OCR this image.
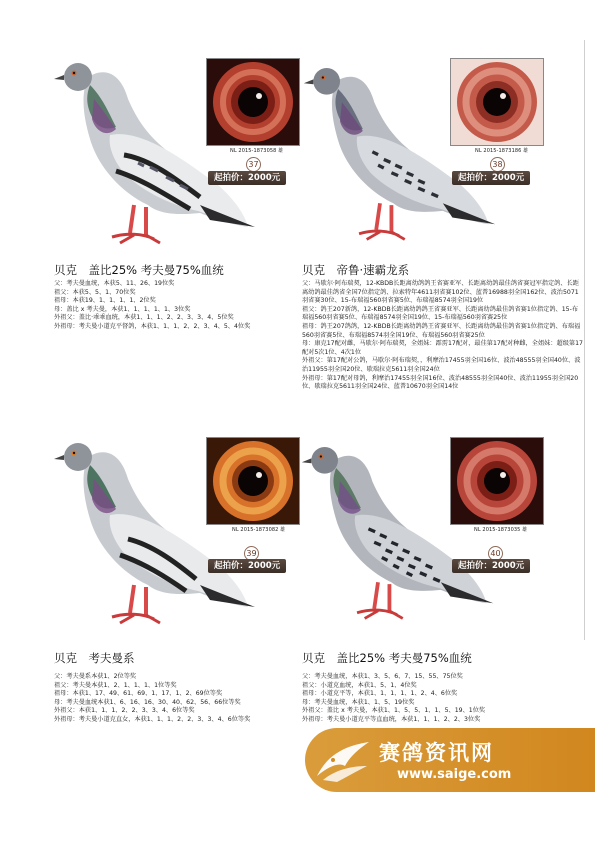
NL 2015-1873058 雄
37
起拍价：2000元
贝克　盖比25% 考夫曼75%血统

父：考夫曼血统，本获5、11、26、19位奖

祖父：本获5、5、1、70位奖

祖母：本获19、1、1、1、1、2位奖

母：盖比 x 考夫曼，本获1、1、1、1、1、3位奖

外祖父：盖比·乖乖血统，本获1、1、1、2、2、3、3、4、5位奖

外祖母：考夫曼小道克平督鸽，本获1、1、1、2、2、3、4、5、4位奖

NL 2015-1873186 雄
38
起拍价：2000元
贝克　帝鲁·速霸龙系

父：马歇尔·阿布瑞契，12-KBDB长距离幼鸽鸽王省赛亚军、长距离幼鸽最佳鸽省赛冠军指定鸽、长距离幼鸽最佳鸽省全国7位指定鸽、拉索特年4611羽省赛102位、蓝普16988羽全国162位、波治5071羽省赛30位、15-布瑞福560羽省赛5位、布瑞福8574羽全国19位

祖父：鸽王207新鸽，12-KBDB长距离幼鸽鸽王省赛亚军、长距离幼鸽最佳鸽省赛1位指定鸽、15-布瑞福560羽省赛5位、布瑞福8574羽全国19位、15-布瑞福560羽省赛25位

祖母：鸽王207鸽鸽，12-KBDB长距离幼鸽鸽王省赛亚军、长距离幼鸽最佳鸽省赛1位指定鸽、布瑞福560羽省赛5位、布瑞福8574羽全国19位、布瑞福560羽省赛25位

母：康克17配对雌，马歇尔·阿布瑞契，全姐妹：霹雳17配对，最佳第17配对种雌，全姐妹：超级第17配对5次1位、4次1位

外祖父：第17配对公鸽，马歇尔·阿布瑞契，，利摩治17455羽全国16位、波治48555羽全国40位、波治11955羽全国20位、歇瑞拉克5611羽全国24位

外祖母：第17配对母鸽，利摩治17455羽全国16位、波治48555羽全国40位、波治11955羽全国20位、歇瑞拉克5611羽全国24位、蓝普10670羽全国14位

NL 2015-1873082 雄
39
起拍价：2000元
贝克　考夫曼系

父：考夫曼系本获1、2位等奖

祖父：考夫曼本获1、2、1、1、1、1位等奖

祖母：本获1、17、49、61、69、1、17、1、2、69位等奖

母：考夫曼血统本获1、6、16、16、30、40、62、56、66位等奖

外祖父：本获1、1、1、2、2、3、3、4、6位等奖

外祖母：考夫曼小道克直女，本获1、1、1、2、2、3、3、4、6位等奖

NL 2015-1873035 雄
40
起拍价：2000元
贝克　盖比25% 考夫曼75%血统

父：考夫曼血统，本获1、3、5、6、7、15、55、75位奖

祖父：小道克血统，本获1、5、1、4位奖

祖母：小道克平等，本获1、1、1、1、1、2、4、6位奖

母：考夫曼血统，本获1、1、5、19位奖

外祖父：盖比 x 考夫曼，本获1、1、5、5、1、1、5、19、1位奖

外祖母：考夫曼小道克平等直血统，本获1、1、1、2、2、3位奖

赛鸽资讯网
www.saige.com
